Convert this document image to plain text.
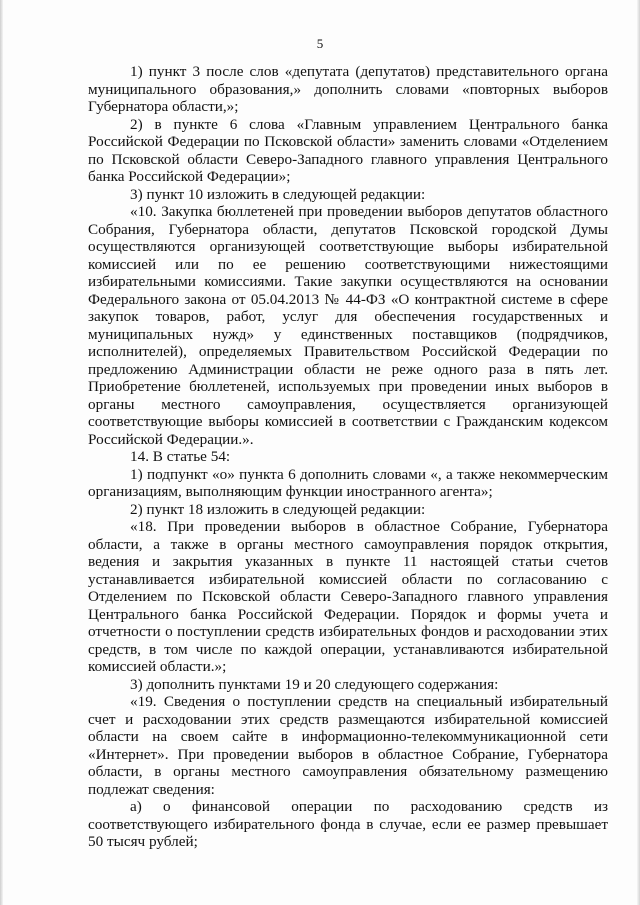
5

1) пункт 3 после слов «депутата (депутатов) представительного органа муниципального образования,» дополнить словами «повторных выборов Губернатора области,»;

2) в пункте 6 слова «Главным управлением Центрального банка Российской Федерации по Псковской области» заменить словами «Отделением по Псковской области Северо-Западного главного управления Центрального банка Российской Федерации»;

3) пункт 10 изложить в следующей редакции:

«10. Закупка бюллетеней при проведении выборов депутатов областного Собрания, Губернатора области, депутатов Псковской городской Думы осуществляются организующей соответствующие выборы избирательной комиссией или по ее решению соответствующими нижестоящими избирательными комиссиями. Такие закупки осуществляются на основании Федерального закона от 05.04.2013 № 44-ФЗ «О контрактной системе в сфере закупок товаров, работ, услуг для обеспечения государственных и муниципальных нужд» у единственных поставщиков (подрядчиков, исполнителей), определяемых Правительством Российской Федерации по предложению Администрации области не реже одного раза в пять лет. Приобретение бюллетеней, используемых при проведении иных выборов в органы местного самоуправления, осуществляется организующей соответствующие выборы комиссией в соответствии с Гражданским кодексом Российской Федерации.».

14. В статье 54:

1) подпункт «о» пункта 6 дополнить словами «, а также некоммерческим организациям, выполняющим функции иностранного агента»;

2) пункт 18 изложить в следующей редакции:

«18. При проведении выборов в областное Собрание, Губернатора области, а также в органы местного самоуправления порядок открытия, ведения и закрытия указанных в пункте 11 настоящей статьи счетов устанавливается избирательной комиссией области по согласованию с Отделением по Псковской области Северо-Западного главного управления Центрального банка Российской Федерации. Порядок и формы учета и отчетности о поступлении средств избирательных фондов и расходовании этих средств, в том числе по каждой операции, устанавливаются избирательной комиссией области.»;

3) дополнить пунктами 19 и 20 следующего содержания:

«19. Сведения о поступлении средств на специальный избирательный счет и расходовании этих средств размещаются избирательной комиссией области на своем сайте в информационно-телекоммуникационной сети «Интернет». При проведении выборов в областное Собрание, Губернатора области, в органы местного самоуправления обязательному размещению подлежат сведения:

а) о финансовой операции по расходованию средств из соответствующего избирательного фонда в случае, если ее размер превышает 50 тысяч рублей;
